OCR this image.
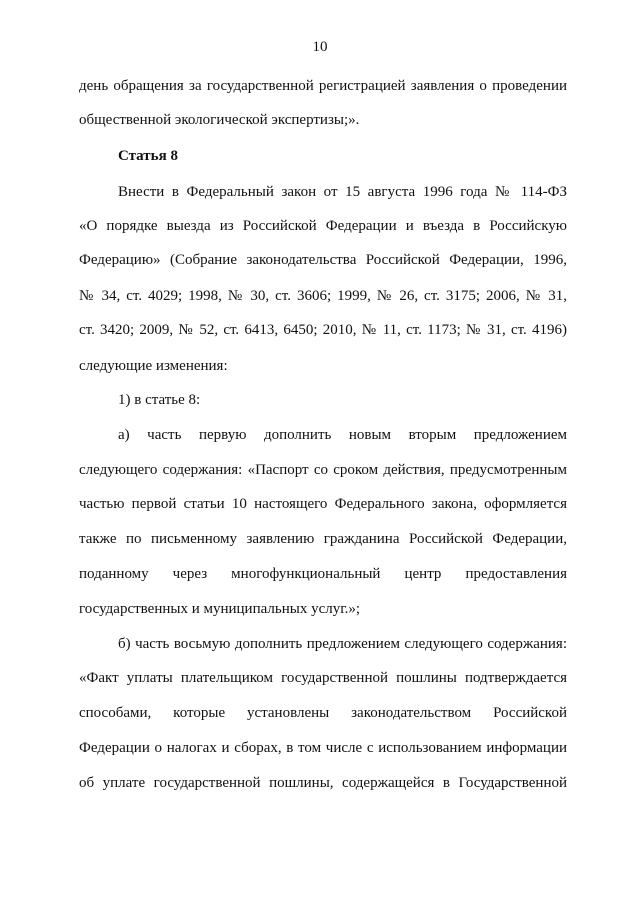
10
день обращения за государственной регистрацией заявления о проведении
общественной экологической экспертизы;».
Статья 8
Внести в Федеральный закон от 15 августа 1996 года № 114-ФЗ
«О порядке выезда из Российской Федерации и въезда в Российскую
Федерацию» (Собрание законодательства Российской Федерации, 1996,
№ 34, ст. 4029; 1998, № 30, ст. 3606; 1999, № 26, ст. 3175; 2006, № 31,
ст. 3420; 2009, № 52, ст. 6413, 6450; 2010, № 11, ст. 1173; № 31, ст. 4196)
следующие изменения:
1) в статье 8:
а) часть первую дополнить новым вторым предложением
следующего содержания: «Паспорт со сроком действия, предусмотренным
частью первой статьи 10 настоящего Федерального закона, оформляется
также по письменному заявлению гражданина Российской Федерации,
поданному через многофункциональный центр предоставления
государственных и муниципальных услуг.»;
б) часть восьмую дополнить предложением следующего содержания:
«Факт уплаты плательщиком государственной пошлины подтверждается
способами, которые установлены законодательством Российской
Федерации о налогах и сборах, в том числе с использованием информации
об уплате государственной пошлины, содержащейся в Государственной
